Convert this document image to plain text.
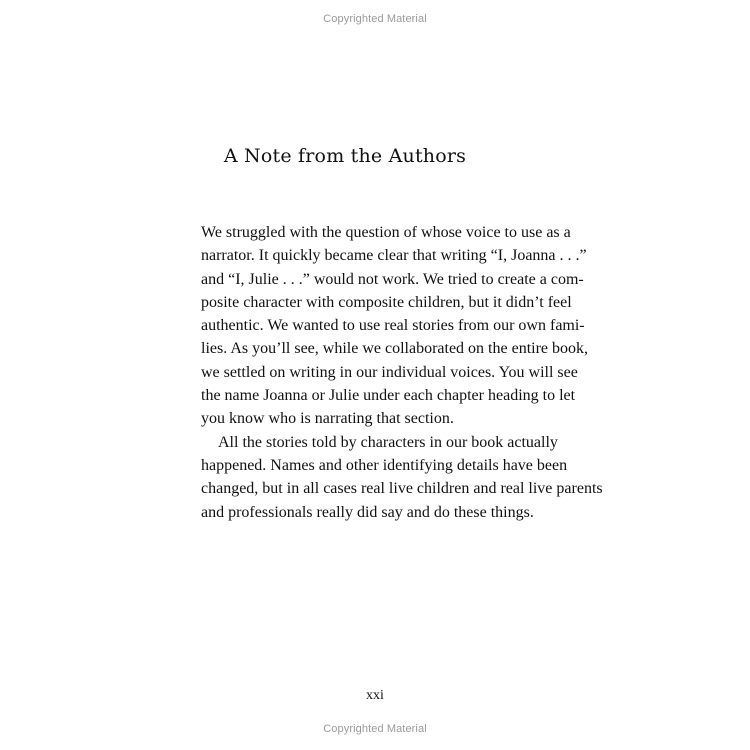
Copyrighted Material
A Note from the Authors

We struggled with the question of whose voice to use as a
narrator. It quickly became clear that writing “I, Joanna . . .”
and “I, Julie . . .” would not work. We tried to create a com-
posite character with composite children, but it didn’t feel
authentic. We wanted to use real stories from our own fami-
lies. As you’ll see, while we collaborated on the entire book,
we settled on writing in our individual voices. You will see
the name Joanna or Julie under each chapter heading to let
you know who is narrating that section.

All the stories told by characters in our book actually
happened. Names and other identifying details have been
changed, but in all cases real live children and real live parents
and professionals really did say and do these things.

xxi
Copyrighted Material
